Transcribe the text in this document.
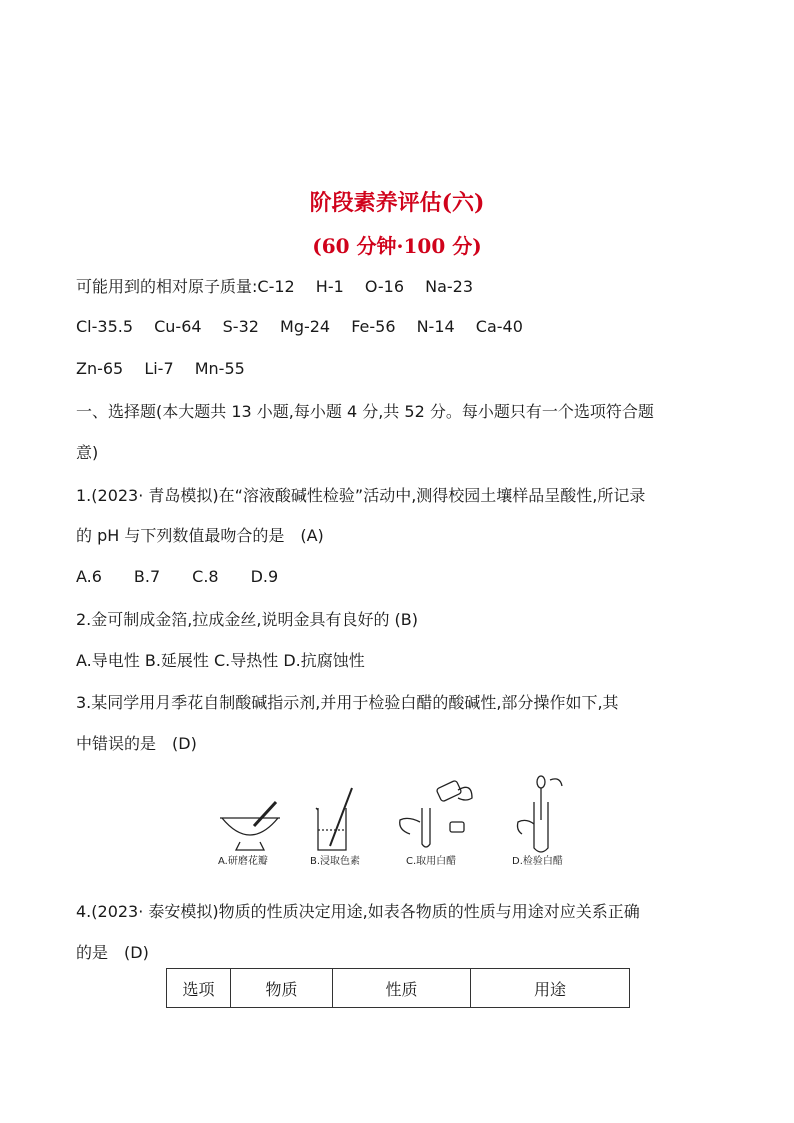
阶段素养评估(六)
(60 分钟·100 分)
可能用到的相对原子质量:C-12　 H-1　 O-16　 Na-23
Cl-35.5　 Cu-64　 S-32　 Mg-24　 Fe-56　 N-14　 Ca-40
Zn-65　 Li-7　 Mn-55
一、选择题(本大题共 13 小题,每小题 4 分,共 52 分。每小题只有一个选项符合题
意)
1.(2023· 青岛模拟)在“溶液酸碱性检验”活动中,测得校园土壤样品呈酸性,所记录
的 pH 与下列数值最吻合的是　(A)
A.6　　B.7　　C.8　　D.9
2.金可制成金箔,拉成金丝,说明金具有良好的 (B)
A.导电性 B.延展性 C.导热性 D.抗腐蚀性
3.某同学用月季花自制酸碱指示剂,并用于检验白醋的酸碱性,部分操作如下,其
中错误的是　(D)
A.研磨花瓣	B.浸取色素	C.取用白醋	D.检验白醋
4.(2023· 泰安模拟)物质的性质决定用途,如表各物质的性质与用途对应关系正确
的是　(D)
选项	物质	性质	用途
